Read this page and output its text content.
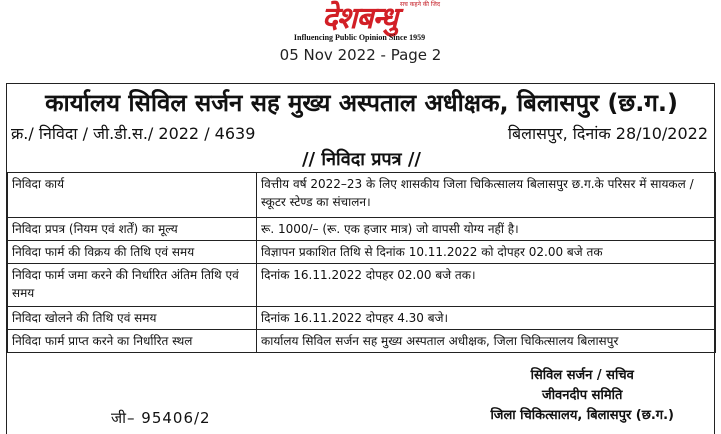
सच कहने की जिद
देशबन्धु
Influencing Public Opinion Since 1959
05 Nov 2022 - Page 2
कार्यालय सिविल सर्जन सह मुख्य अस्पताल अधीक्षक, बिलासपुर (छ.ग.)
क्र./ निविदा / जी.डी.स./ 2022 / 4639	बिलासपुर, दिनांक 28/10/2022
// निविदा प्रपत्र //
निविदा कार्य	वित्तीय वर्ष 2022–23 के लिए शासकीय जिला चिकित्सालय बिलासपुर छ.ग.के परिसर में सायकल / स्कूटर स्टेण्ड का संचालन।
निविदा प्रपत्र (नियम एवं शर्तें) का मूल्य	रू. 1000/– (रू. एक हजार मात्र) जो वापसी योग्य नहीं है।
निविदा फार्म की विक्रय की तिथि एवं समय	विज्ञापन प्रकाशित तिथि से दिनांक 10.11.2022 को दोपहर 02.00 बजे तक
निविदा फार्म जमा करने की निर्धारित अंतिम तिथि एवं समय	दिनांक 16.11.2022 दोपहर 02.00 बजे तक।
निविदा खोलने की तिथि एवं समय	दिनांक 16.11.2022 दोपहर 4.30 बजे।
निविदा फार्म प्राप्त करने का निर्धारित स्थल	कार्यालय सिविल सर्जन सह मुख्य अस्पताल अधीक्षक, जिला चिकित्सालय बिलासपुर
जी– 95406/2
सिविल सर्जन / सचिव
जीवनदीप समिति
जिला चिकित्सालय, बिलासपुर (छ.ग.)
